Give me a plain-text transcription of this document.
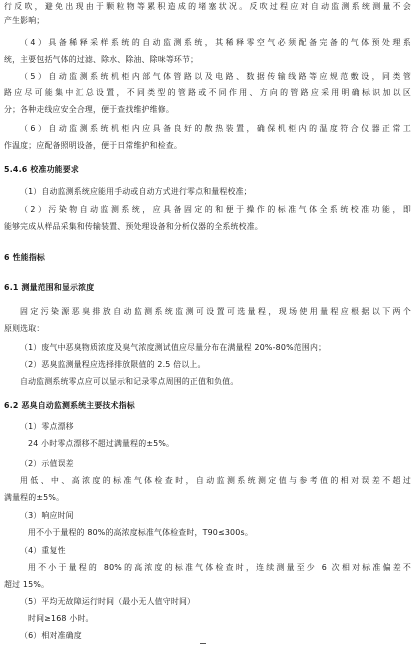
行反吹，避免出现由于颗粒物等累积造成的堵塞状况。反吹过程应对自动监测系统测量不会
产生影响；
（4）具备稀释采样系统的自动监测系统，其稀释零空气必须配备完备的气体预处理系
统，主要包括气体的过滤、除水、除油、除味等环节；
（5）自动监测系统机柜内部气体管路以及电路、数据传输线路等应规范敷设，同类管
路应尽可能集中汇总设置，不同类型的管路或不同作用、方向的管路应采用明确标识加以区
分；各种走线应安全合理，便于查找维护维修。
（6）自动监测系统机柜内应具备良好的散热装置，确保机柜内的温度符合仪器正常工
作温度；应配备照明设备，便于日常维护和检查。
5.4.6 校准功能要求
（1）自动监测系统应能用手动或自动方式进行零点和量程校准；
（2）污染物自动监测系统，应具备固定的和便于操作的标准气体全系统校准功能，即
能够完成从样品采集和传输装置、预处理设备和分析仪器的全系统校准。
6 性能指标
6.1 测量范围和显示浓度
固定污染源恶臭排放自动监测系统监测可设置可选量程，现场使用量程应根据以下两个
原则选取：
（1）废气中恶臭物质浓度及臭气浓度测试值应尽量分布在满量程 20%-80%范围内；
（2）恶臭监测量程应选择排放限值的 2.5 倍以上。
自动监测系统零点应可以显示和记录零点周围的正值和负值。
6.2 恶臭自动监测系统主要技术指标
（1）零点漂移
24 小时零点漂移不超过满量程的±5%。
（2）示值误差
用低、中、高浓度的标准气体检查时，自动监测系统测定值与参考值的相对误差不超过
满量程的±5%。
（3）响应时间
用不小于量程的 80%的高浓度标准气体检查时，T90≤300s。
（4）重复性
用不小于量程的 80%的高浓度的标准气体检查时，连续测量至少 6 次相对标准偏差不
超过 15%。
（5）平均无故障运行时间（最小无人值守时间）
时间≥168 小时。
（6）相对准确度
